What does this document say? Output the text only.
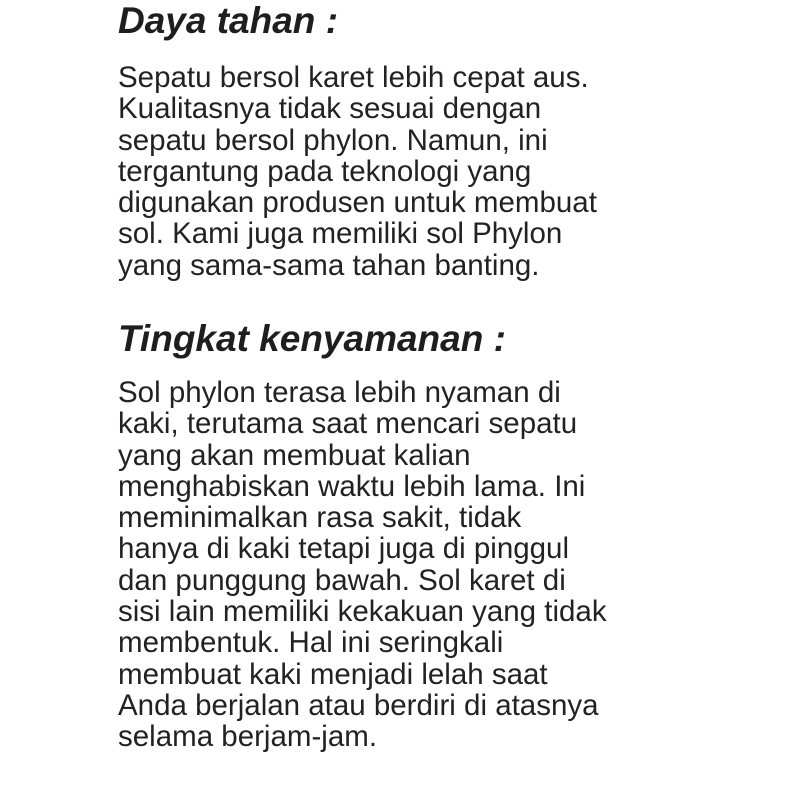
Daya tahan :

Sepatu bersol karet lebih cepat aus.
Kualitasnya tidak sesuai dengan
sepatu bersol phylon. Namun, ini
tergantung pada teknologi yang
digunakan produsen untuk membuat
sol. Kami juga memiliki sol Phylon
yang sama-sama tahan banting.

Tingkat kenyamanan :

Sol phylon terasa lebih nyaman di
kaki, terutama saat mencari sepatu
yang akan membuat kalian
menghabiskan waktu lebih lama. Ini
meminimalkan rasa sakit, tidak
hanya di kaki tetapi juga di pinggul
dan punggung bawah. Sol karet di
sisi lain memiliki kekakuan yang tidak
membentuk. Hal ini seringkali
membuat kaki menjadi lelah saat
Anda berjalan atau berdiri di atasnya
selama berjam-jam.
